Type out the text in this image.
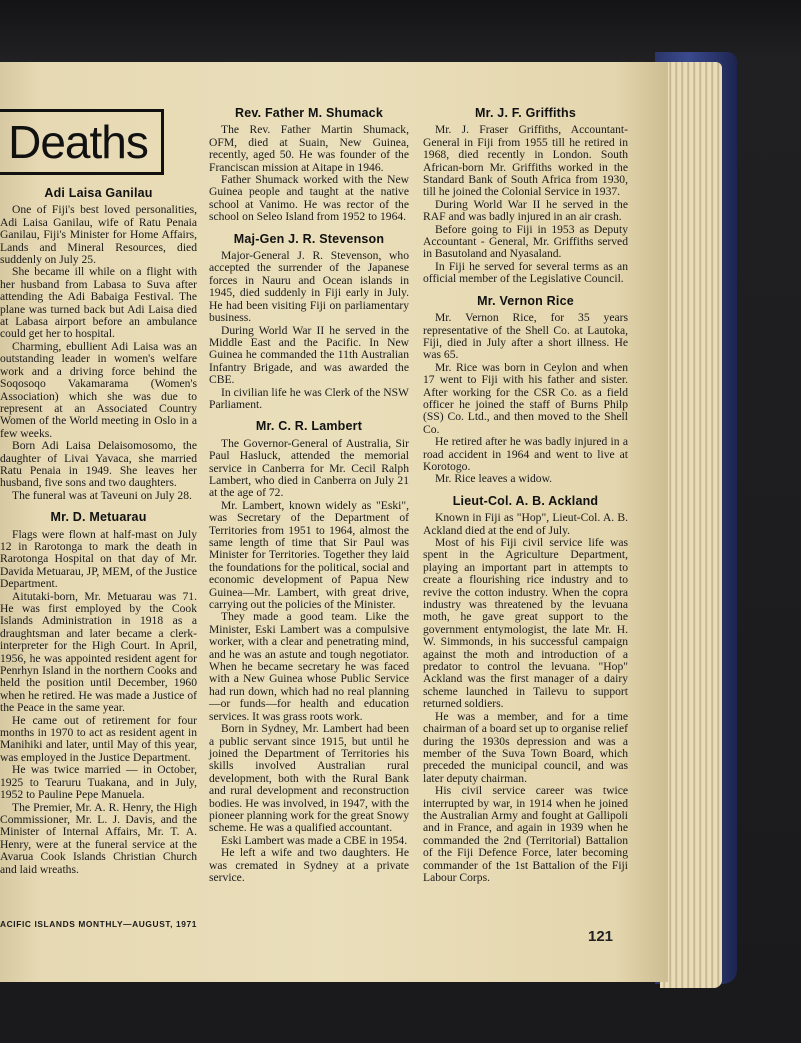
Deaths
Adi Laisa Ganilau

One of Fiji's best loved personalities, Adi Laisa Ganilau, wife of Ratu Penaia Ganilau, Fiji's Minister for Home Affairs, Lands and Mineral Resources, died suddenly on July 25.

She became ill while on a flight with her husband from Labasa to Suva after attending the Adi Babaiga Festival. The plane was turned back but Adi Laisa died at Labasa airport before an ambulance could get her to hospital.

Charming, ebullient Adi Laisa was an outstanding leader in women's welfare work and a driving force behind the Soqosoqo Vakamarama (Women's Association) which she was due to represent at an Associated Country Women of the World meeting in Oslo in a few weeks.

Born Adi Laisa Delaisomosomo, the daughter of Livai Yavaca, she married Ratu Penaia in 1949. She leaves her husband, five sons and two daughters.

The funeral was at Taveuni on July 28.

Mr. D. Metuarau

Flags were flown at half-mast on July 12 in Rarotonga to mark the death in Rarotonga Hospital on that day of Mr. Davida Metuarau, JP, MEM, of the Justice Department.

Aitutaki-born, Mr. Metuarau was 71. He was first employed by the Cook Islands Administration in 1918 as a draughtsman and later became a clerk-interpreter for the High Court. In April, 1956, he was appointed resident agent for Penrhyn Island in the northern Cooks and held the position until December, 1960 when he retired. He was made a Justice of the Peace in the same year.

He came out of retirement for four months in 1970 to act as resident agent in Manihiki and later, until May of this year, was employed in the Justice Department.

He was twice married — in October, 1925 to Tearuru Tuakana, and in July, 1952 to Pauline Pepe Manuela.

The Premier, Mr. A. R. Henry, the High Commissioner, Mr. L. J. Davis, and the Minister of Internal Affairs, Mr. T. A. Henry, were at the funeral service at the Avarua Cook Islands Christian Church and laid wreaths.

Rev. Father M. Shumack

The Rev. Father Martin Shumack, OFM, died at Suain, New Guinea, recently, aged 50. He was founder of the Franciscan mission at Aitape in 1946.

Father Shumack worked with the New Guinea people and taught at the native school at Vanimo. He was rector of the school on Seleo Island from 1952 to 1964.

Maj-Gen J. R. Stevenson

Major-General J. R. Stevenson, who accepted the surrender of the Japanese forces in Nauru and Ocean islands in 1945, died suddenly in Fiji early in July. He had been visiting Fiji on parliamentary business.

During World War II he served in the Middle East and the Pacific. In New Guinea he commanded the 11th Australian Infantry Brigade, and was awarded the CBE.

In civilian life he was Clerk of the NSW Parliament.

Mr. C. R. Lambert

The Governor-General of Australia, Sir Paul Hasluck, attended the memorial service in Canberra for Mr. Cecil Ralph Lambert, who died in Canberra on July 21 at the age of 72.

Mr. Lambert, known widely as "Eski", was Secretary of the Department of Territories from 1951 to 1964, almost the same length of time that Sir Paul was Minister for Territories. Together they laid the foundations for the political, social and economic development of Papua New Guinea—Mr. Lambert, with great drive, carrying out the policies of the Minister.

They made a good team. Like the Minister, Eski Lambert was a compulsive worker, with a clear and penetrating mind, and he was an astute and tough negotiator. When he became secretary he was faced with a New Guinea whose Public Service had run down, which had no real planning—or funds—for health and education services. It was grass roots work.

Born in Sydney, Mr. Lambert had been a public servant since 1915, but until he joined the Department of Territories his skills involved Australian rural development, both with the Rural Bank and rural development and reconstruction bodies. He was involved, in 1947, with the pioneer planning work for the great Snowy scheme. He was a qualified accountant.

Eski Lambert was made a CBE in 1954.

He left a wife and two daughters. He was cremated in Sydney at a private service.

Mr. J. F. Griffiths

Mr. J. Fraser Griffiths, Accountant-General in Fiji from 1955 till he retired in 1968, died recently in London. South African-born Mr. Griffiths worked in the Standard Bank of South Africa from 1930, till he joined the Colonial Service in 1937.

During World War II he served in the RAF and was badly injured in an air crash.

Before going to Fiji in 1953 as Deputy Accountant - General, Mr. Griffiths served in Basutoland and Nyasaland.

In Fiji he served for several terms as an official member of the Legislative Council.

Mr. Vernon Rice

Mr. Vernon Rice, for 35 years representative of the Shell Co. at Lautoka, Fiji, died in July after a short illness. He was 65.

Mr. Rice was born in Ceylon and when 17 went to Fiji with his father and sister. After working for the CSR Co. as a field officer he joined the staff of Burns Philp (SS) Co. Ltd., and then moved to the Shell Co.

He retired after he was badly injured in a road accident in 1964 and went to live at Korotogo.

Mr. Rice leaves a widow.

Lieut-Col. A. B. Ackland

Known in Fiji as "Hop", Lieut-Col. A. B. Ackland died at the end of July.

Most of his Fiji civil service life was spent in the Agriculture Department, playing an important part in attempts to create a flourishing rice industry and to revive the cotton industry. When the copra industry was threatened by the levuana moth, he gave great support to the government entymologist, the late Mr. H. W. Simmonds, in his successful campaign against the moth and introduction of a predator to control the levuana. "Hop" Ackland was the first manager of a dairy scheme launched in Tailevu to support returned soldiers.

He was a member, and for a time chairman of a board set up to organise relief during the 1930s depression and was a member of the Suva Town Board, which preceded the municipal council, and was later deputy chairman.

His civil service career was twice interrupted by war, in 1914 when he joined the Australian Army and fought at Gallipoli and in France, and again in 1939 when he commanded the 2nd (Territorial) Battalion of the Fiji Defence Force, later becoming commander of the 1st Battalion of the Fiji Labour Corps.

ACIFIC ISLANDS MONTHLY—AUGUST, 1971
121
